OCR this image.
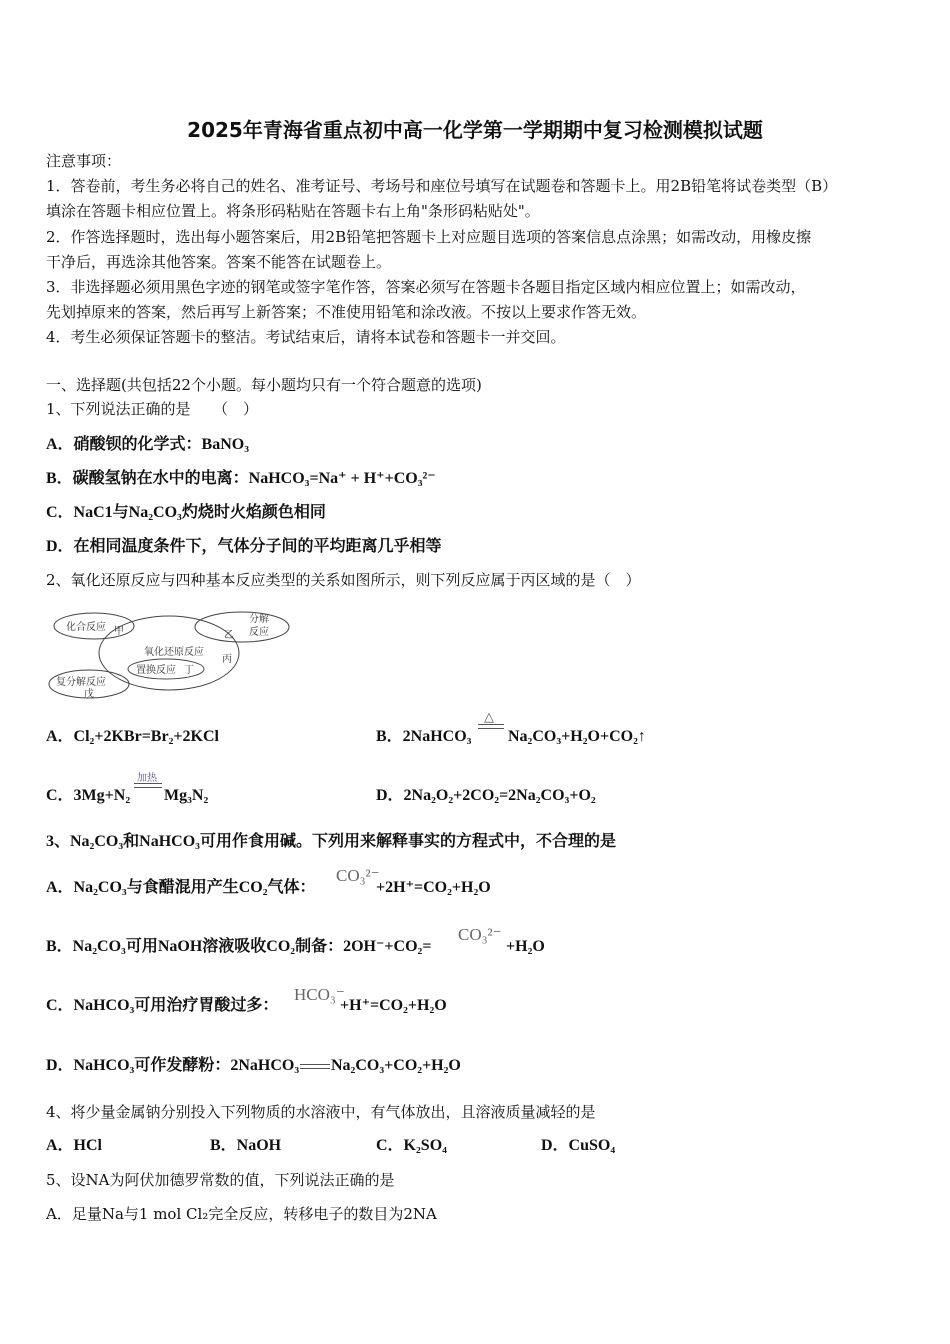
2025年青海省重点初中高一化学第一学期期中复习检测模拟试题
注意事项：
1．答卷前，考生务必将自己的姓名、准考证号、考场号和座位号填写在试题卷和答题卡上。用2B铅笔将试卷类型（B）
填涂在答题卡相应位置上。将条形码粘贴在答题卡右上角"条形码粘贴处"。
2．作答选择题时，选出每小题答案后，用2B铅笔把答题卡上对应题目选项的答案信息点涂黑；如需改动，用橡皮擦
干净后，再选涂其他答案。答案不能答在试题卷上。
3．非选择题必须用黑色字迹的钢笔或签字笔作答，答案必须写在答题卡各题目指定区域内相应位置上；如需改动，
先划掉原来的答案，然后再写上新答案；不准使用铅笔和涂改液。不按以上要求作答无效。
4．考生必须保证答题卡的整洁。考试结束后，请将本试卷和答题卡一并交回。
一、选择题(共包括22个小题。每小题均只有一个符合题意的选项)
1、下列说法正确的是　　（　）
A．硝酸钡的化学式：BaNO₃
B．碳酸氢钠在水中的电离：NaHCO₃=Na⁺ + H⁺+CO₃²⁻
C．NaC1与Na₂CO₃灼烧时火焰颜色相同
D．在相同温度条件下，气体分子间的平均距离几乎相等
2、氧化还原反应与四种基本反应类型的关系如图所示，则下列反应属于丙区域的是（　）
化合反应 甲
分解
反应
乙
氧化还原反应
丙
置换反应 丁
复分解反应
戊
A．Cl₂+2KBr=Br₂+2KCl	B．2NaHCO₃
△
Na₂CO₃+H₂O+CO₂↑
C．3Mg+N₂
加热
Mg₃N₂	D．2Na₂O₂+2CO₂=2Na₂CO₃+O₂
3、Na₂CO₃和NaHCO₃可用作食用碱。下列用来解释事实的方程式中，不合理的是
A．Na₂CO₃与食醋混用产生CO₂气体：
CO₃²⁻
+2H⁺=CO₂+H₂O
B．Na₂CO₃可用NaOH溶液吸收CO₂制备：2OH⁻+CO₂=
CO₃²⁻
+H₂O
C．NaHCO₃可用治疗胃酸过多：
HCO₃⁻
+H⁺=CO₂+H₂O
D．NaHCO₃可作发酵粉：2NaHCO₃ Na₂CO₃+CO₂+H₂O
4、将少量金属钠分别投入下列物质的水溶液中，有气体放出，且溶液质量减轻的是
A．HCl	B．NaOH	C．K₂SO₄	D．CuSO₄
5、设NA为阿伏加德罗常数的值，下列说法正确的是
A．足量Na与1 mol Cl₂完全反应，转移电子的数目为2NA
